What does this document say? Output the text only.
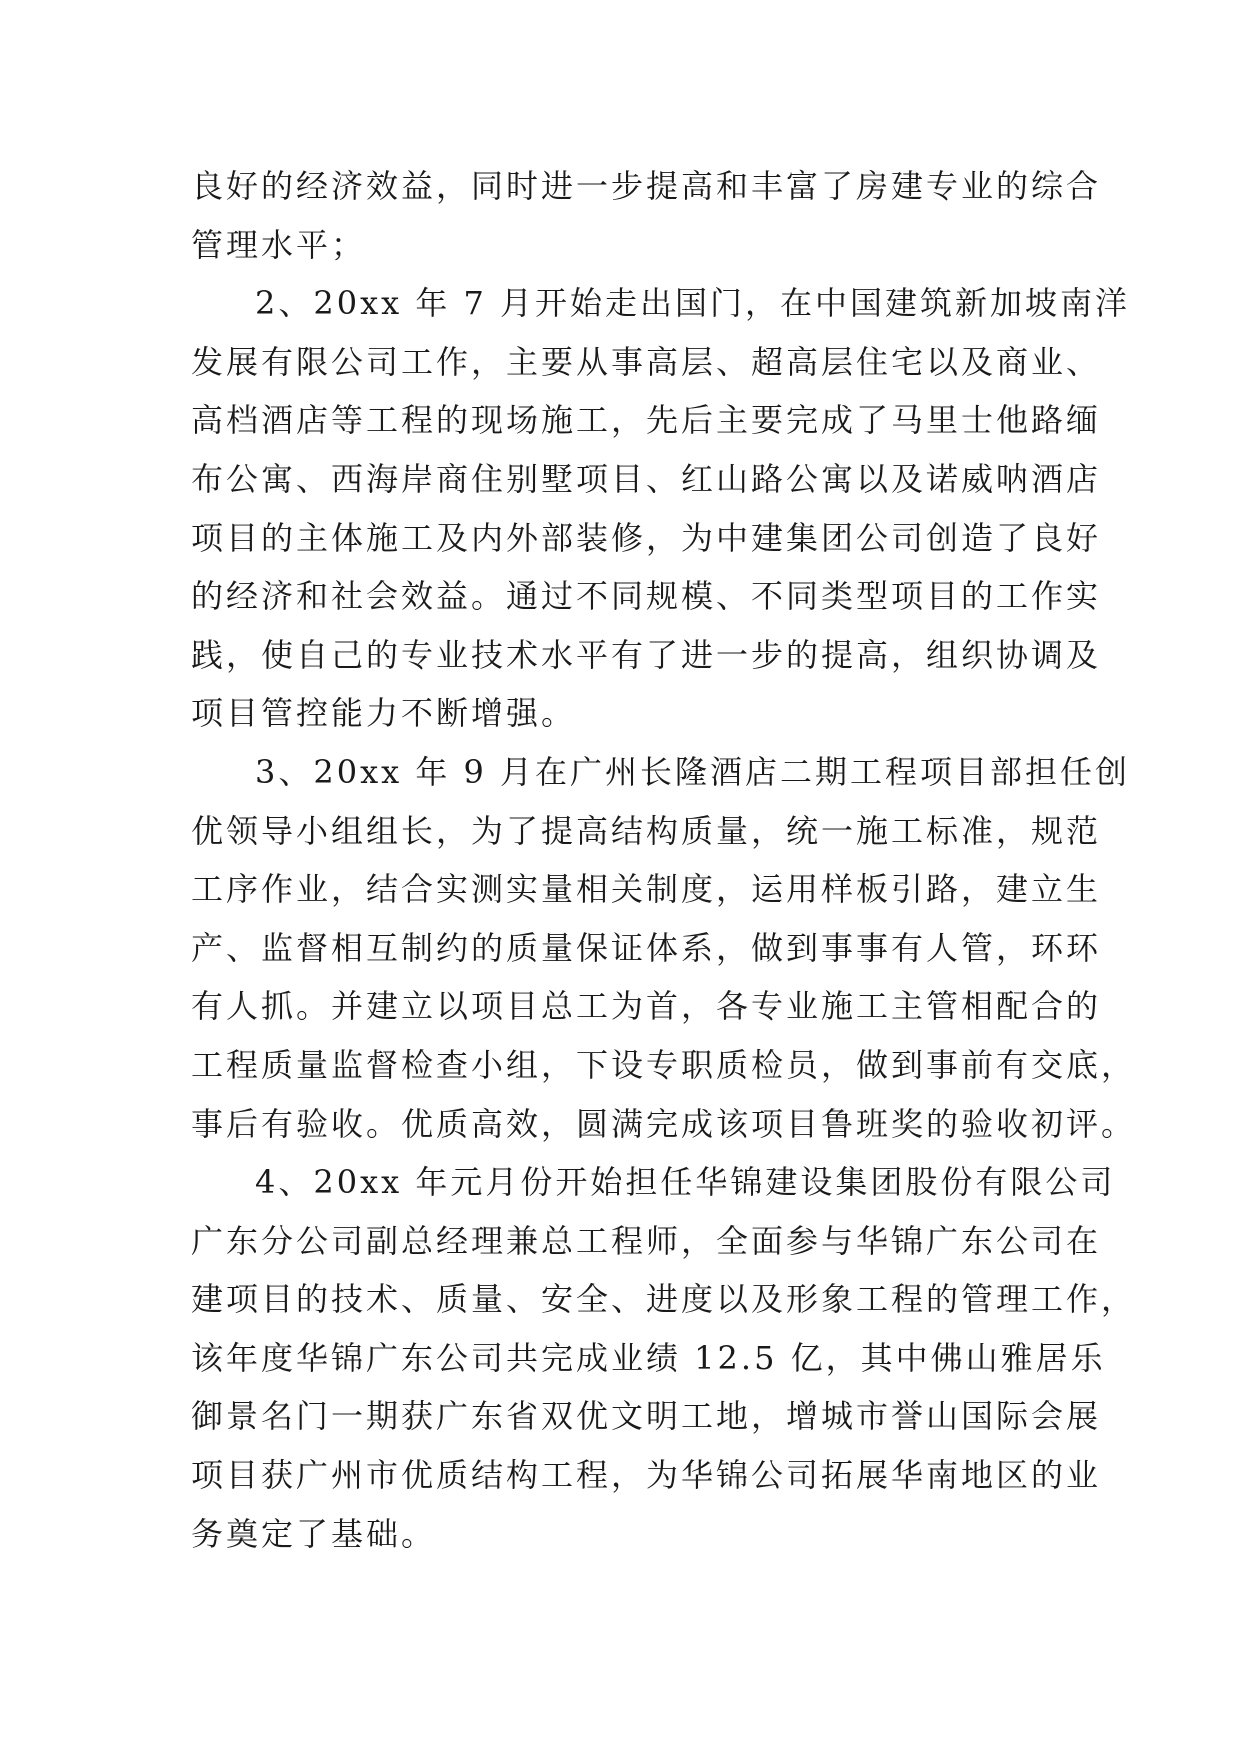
良好的经济效益，同时进一步提高和丰富了房建专业的综合
管理水平；
2、20xx 年 7 月开始走出国门，在中国建筑新加坡南洋
发展有限公司工作，主要从事高层、超高层住宅以及商业、
高档酒店等工程的现场施工，先后主要完成了马里士他路缅
布公寓、西海岸商住别墅项目、红山路公寓以及诺威呐酒店
项目的主体施工及内外部装修，为中建集团公司创造了良好
的经济和社会效益。通过不同规模、不同类型项目的工作实
践，使自己的专业技术水平有了进一步的提高，组织协调及
项目管控能力不断增强。
3、20xx 年 9 月在广州长隆酒店二期工程项目部担任创
优领导小组组长，为了提高结构质量，统一施工标准，规范
工序作业，结合实测实量相关制度，运用样板引路，建立生
产、监督相互制约的质量保证体系，做到事事有人管，环环
有人抓。并建立以项目总工为首，各专业施工主管相配合的
工程质量监督检查小组，下设专职质检员，做到事前有交底，
事后有验收。优质高效，圆满完成该项目鲁班奖的验收初评。
4、20xx 年元月份开始担任华锦建设集团股份有限公司
广东分公司副总经理兼总工程师，全面参与华锦广东公司在
建项目的技术、质量、安全、进度以及形象工程的管理工作，
该年度华锦广东公司共完成业绩 12.5 亿，其中佛山雅居乐
御景名门一期获广东省双优文明工地，增城市誉山国际会展
项目获广州市优质结构工程，为华锦公司拓展华南地区的业
务奠定了基础。
